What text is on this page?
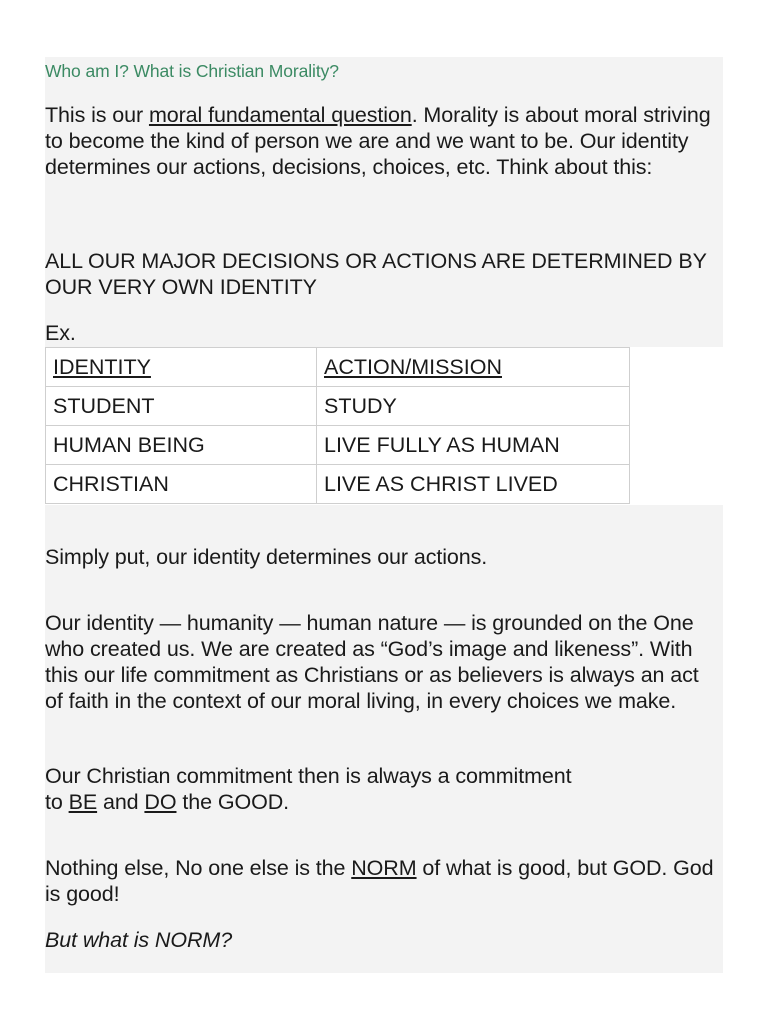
Who am I? What is Christian Morality?

This is our moral fundamental question. Morality is about moral striving to become the kind of person we are and we want to be. Our identity determines our actions, decisions, choices, etc. Think about this:

ALL OUR MAJOR DECISIONS OR ACTIONS ARE DETERMINED BY OUR VERY OWN IDENTITY

Ex.

IDENTITY	ACTION/MISSION
STUDENT	STUDY
HUMAN BEING	LIVE FULLY AS HUMAN
CHRISTIAN	LIVE AS CHRIST LIVED

Simply put, our identity determines our actions.

Our identity — humanity — human nature — is grounded on the One who created us. We are created as “God’s image and likeness”. With this our life commitment as Christians or as believers is always an act of faith in the context of our moral living, in every choices we make.

Our Christian commitment then is always a commitment
to BE and DO the GOOD.

Nothing else, No one else is the NORM of what is good, but GOD. God is good!

But what is NORM?
